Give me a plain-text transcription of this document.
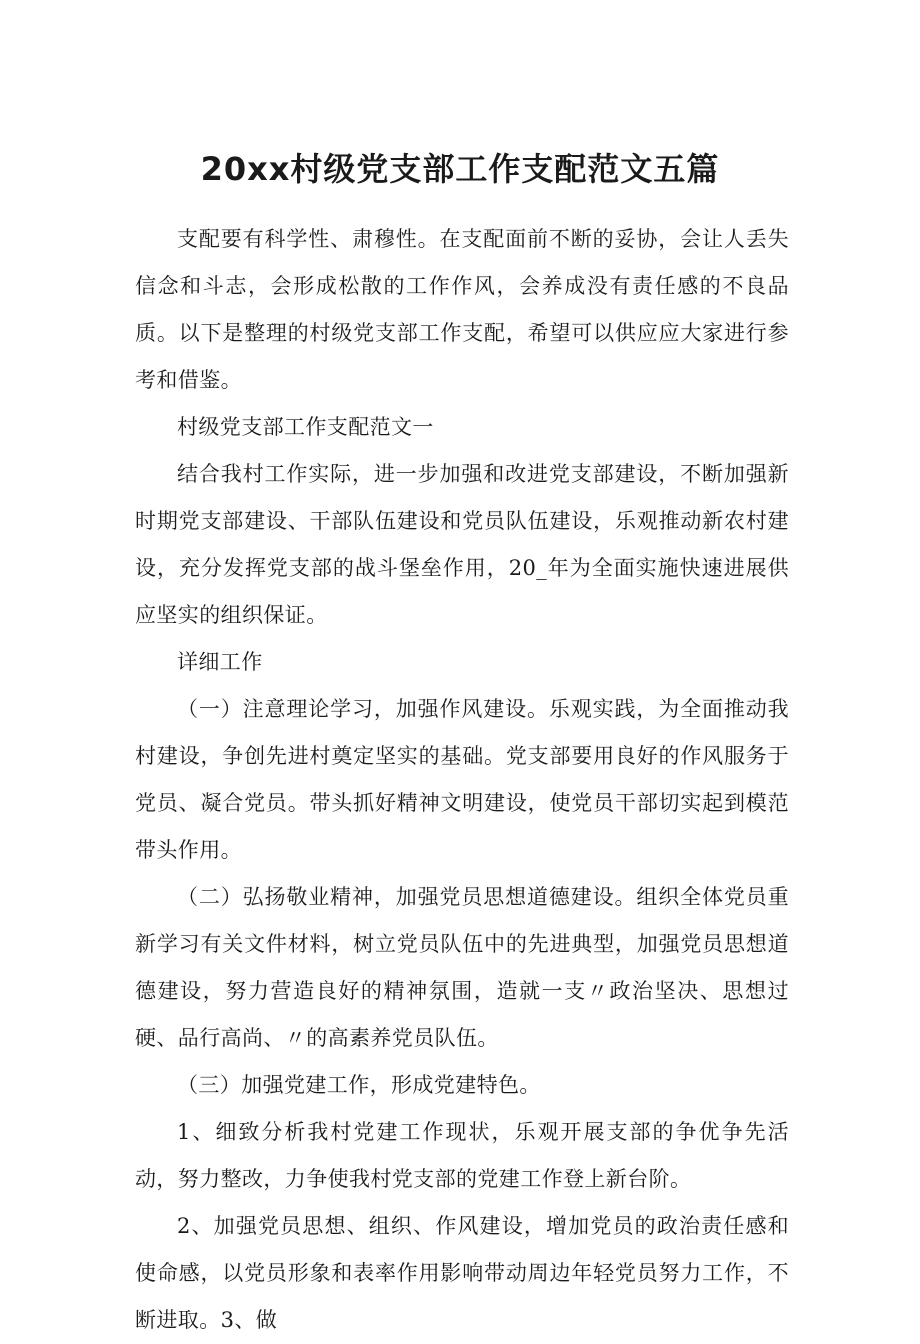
20xx村级党支部工作支配范文五篇

支配要有科学性、肃穆性。在支配面前不断的妥协，会让人丢失信念和斗志，会形成松散的工作作风，会养成没有责任感的不良品质。以下是整理的村级党支部工作支配，希望可以供应应大家进行参考和借鉴。

村级党支部工作支配范文一

结合我村工作实际，进一步加强和改进党支部建设，不断加强新时期党支部建设、干部队伍建设和党员队伍建设，乐观推动新农村建设，充分发挥党支部的战斗堡垒作用，20_年为全面实施快速进展供应坚实的组织保证。

详细工作

（一）注意理论学习，加强作风建设。乐观实践，为全面推动我村建设，争创先进村奠定坚实的基础。党支部要用良好的作风服务于党员、凝合党员。带头抓好精神文明建设，使党员干部切实起到模范带头作用。

（二）弘扬敬业精神，加强党员思想道德建设。组织全体党员重新学习有关文件材料，树立党员队伍中的先进典型，加强党员思想道德建设，努力营造良好的精神氛围，造就一支〃政治坚决、思想过硬、品行高尚、〃的高素养党员队伍。

（三）加强党建工作，形成党建特色。

1、细致分析我村党建工作现状，乐观开展支部的争优争先活动，努力整改，力争使我村党支部的党建工作登上新台阶。

2、加强党员思想、组织、作风建设，增加党员的政治责任感和使命感，以党员形象和表率作用影响带动周边年轻党员努力工作，不断进取。3、做
